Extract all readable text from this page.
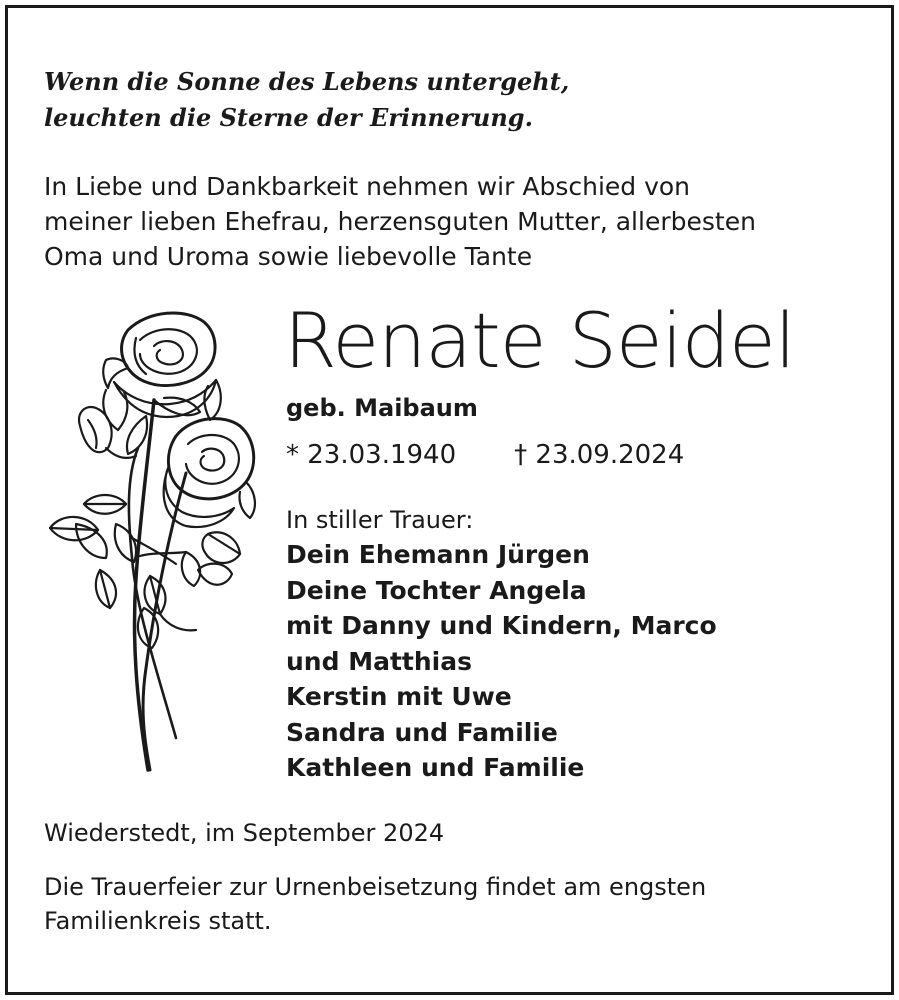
Wenn die Sonne des Lebens untergeht,
leuchten die Sterne der Erinnerung.
In Liebe und Dankbarkeit nehmen wir Abschied von
meiner lieben Ehefrau, herzensguten Mutter, allerbesten
Oma und Uroma sowie liebevolle Tante
Renate Seidel
geb. Maibaum
* 23.03.1940 † 23.09.2024
In stiller Trauer:
Dein Ehemann Jürgen
Deine Tochter Angela
mit Danny und Kindern, Marco
und Matthias
Kerstin mit Uwe
Sandra und Familie
Kathleen und Familie
Wiederstedt, im September 2024
Die Trauerfeier zur Urnenbeisetzung findet am engsten
Familienkreis statt.
